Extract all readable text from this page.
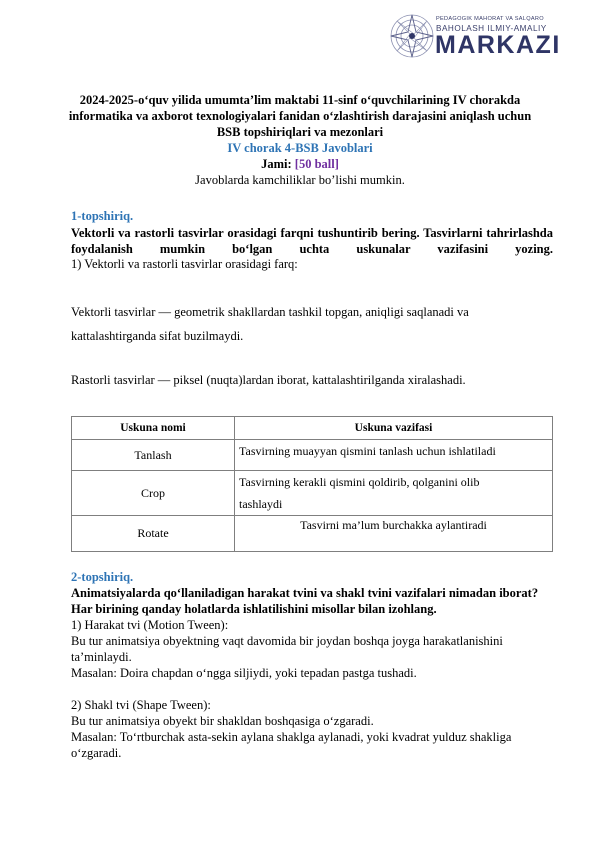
PEDAGOGIK MAHORAT VA SALQARO
BAHOLASH ILMIY-AMALIY
MARKAZI
2024-2025-o‘quv yilida umumta’lim maktabi 11-sinf o‘quvchilarining IV chorakda
informatika va axborot texnologiyalari fanidan o‘zlashtirish darajasini aniqlash uchun
BSB topshiriqlari va mezonlari
IV chorak 4-BSB Javoblari
Jami: [50 ball]
Javoblarda kamchiliklar bo’lishi mumkin.
1-topshiriq.
Vektorli va rastorli tasvirlar orasidagi farqni tushuntirib bering. Tasvirlarni tahrirlashda foydalanish mumkin bo‘lgan uchta uskunalar vazifasini yozing.
1) Vektorli va rastorli tasvirlar orasidagi farq:
Vektorli tasvirlar — geometrik shakllardan tashkil topgan, aniqligi saqlanadi va
kattalashtirganda sifat buzilmaydi.
Rastorli tasvirlar — piksel (nuqta)lardan iborat, kattalashtirilganda xiralashadi.
Uskuna nomi	Uskuna vazifasi
Tanlash	Tasvirning muayyan qismini tanlash uchun ishlatiladi
Crop	Tasvirning kerakli qismini qoldirib, qolganini olib
tashlaydi

Rotate	Tasvirni ma’lum burchakka aylantiradi
2-topshiriq.
Animatsiyalarda qo‘llaniladigan harakat tvini va shakl tvini vazifalari nimadan iborat?
Har birining qanday holatlarda ishlatilishini misollar bilan izohlang.
1) Harakat tvi (Motion Tween):
Bu tur animatsiya obyektning vaqt davomida bir joydan boshqa joyga harakatlanishini
ta’minlaydi.
Masalan: Doira chapdan o‘ngga siljiydi, yoki tepadan pastga tushadi.
2) Shakl tvi (Shape Tween):
Bu tur animatsiya obyekt bir shakldan boshqasiga o‘zgaradi.
Masalan: To‘rtburchak asta-sekin aylana shaklga aylanadi, yoki kvadrat yulduz shakliga
o‘zgaradi.
